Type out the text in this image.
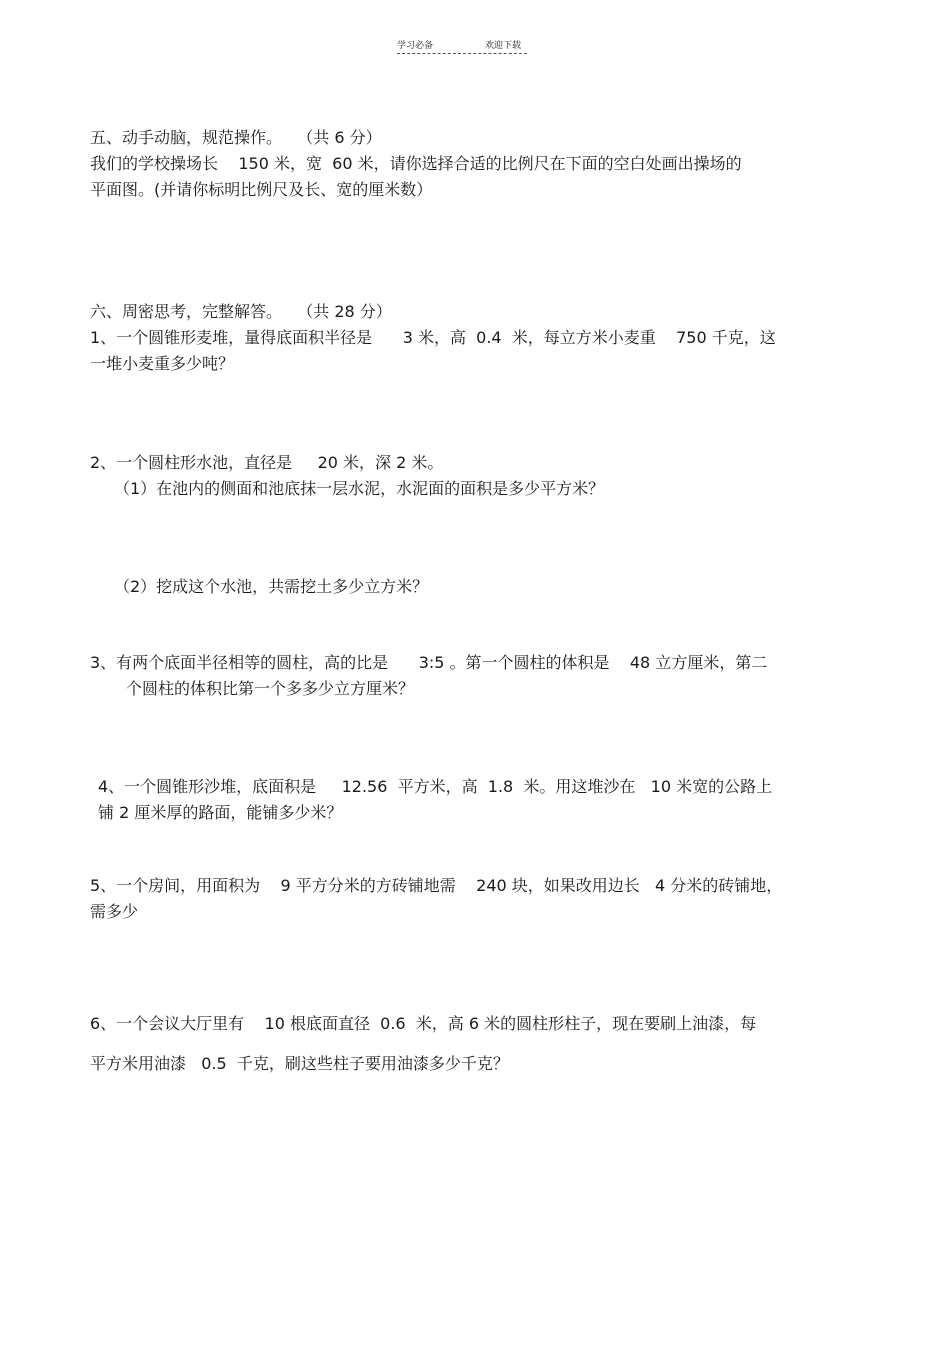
学习必备	欢迎下载
五、动手动脑，规范操作。   （共 6 分）
我们的学校操场长    150 米，宽  60 米，请你选择合适的比例尺在下面的空白处画出操场的
平面图。(并请你标明比例尺及长、宽的厘米数）
六、周密思考，完整解答。   （共 28 分）
1、一个圆锥形麦堆，量得底面积半径是      3 米，高  0.4  米，每立方米小麦重    750 千克，这
一堆小麦重多少吨？
2、一个圆柱形水池，直径是     20 米，深 2 米。
（1）在池内的侧面和池底抹一层水泥，水泥面的面积是多少平方米？
（2）挖成这个水池，共需挖土多少立方米？
3、有两个底面半径相等的圆柱，高的比是      3:5 。第一个圆柱的体积是    48 立方厘米，第二
个圆柱的体积比第一个多多少立方厘米？
4、一个圆锥形沙堆，底面积是     12.56  平方米，高  1.8  米。用这堆沙在   10 米宽的公路上
铺 2 厘米厚的路面，能铺多少米？
5、一个房间，用面积为    9 平方分米的方砖铺地需    240 块，如果改用边长   4 分米的砖铺地，
需多少
6、一个会议大厅里有    10 根底面直径  0.6  米，高 6 米的圆柱形柱子，现在要刷上油漆，每
平方米用油漆   0.5  千克，刷这些柱子要用油漆多少千克？
